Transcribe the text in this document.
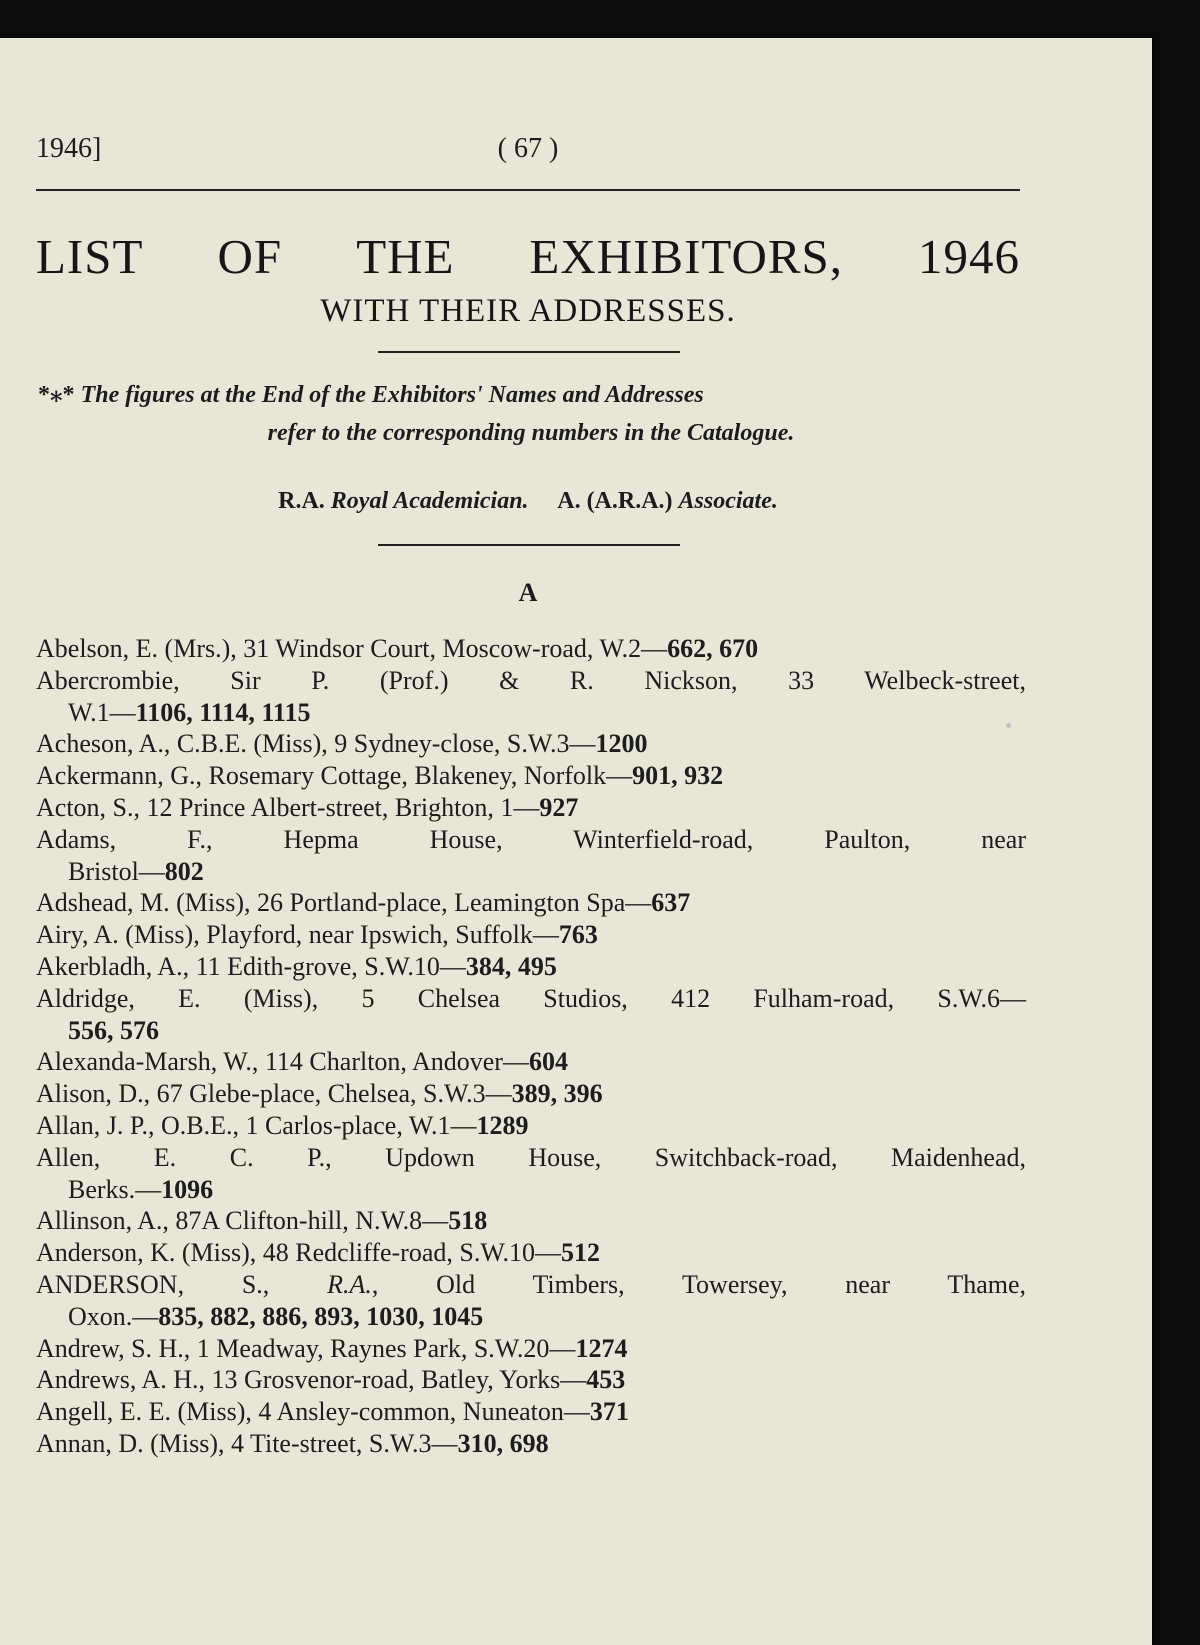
1946]	( 67 )
LIST OF THE EXHIBITORS, 1946
WITH THEIR ADDRESSES.
*⁎* The figures at the End of the Exhibitors' Names and Addresses
refer to the corresponding numbers in the Catalogue.
R.A. Royal Academician. A. (A.R.A.) Associate.
A
Abelson, E. (Mrs.), 31 Windsor Court, Moscow-road, W.2—662, 670
Abercrombie, Sir P. (Prof.) & R. Nickson, 33 Welbeck-street,
W.1—1106, 1114, 1115
Acheson, A., C.B.E. (Miss), 9 Sydney-close, S.W.3—1200
Ackermann, G., Rosemary Cottage, Blakeney, Norfolk—901, 932
Acton, S., 12 Prince Albert-street, Brighton, 1—927
Adams, F., Hepma House, Winterfield-road, Paulton, near
Bristol—802
Adshead, M. (Miss), 26 Portland-place, Leamington Spa—637
Airy, A. (Miss), Playford, near Ipswich, Suffolk—763
Akerbladh, A., 11 Edith-grove, S.W.10—384, 495
Aldridge, E. (Miss), 5 Chelsea Studios, 412 Fulham-road, S.W.6—
556, 576
Alexanda-Marsh, W., 114 Charlton, Andover—604
Alison, D., 67 Glebe-place, Chelsea, S.W.3—389, 396
Allan, J. P., O.B.E., 1 Carlos-place, W.1—1289
Allen, E. C. P., Updown House, Switchback-road, Maidenhead,
Berks.—1096
Allinson, A., 87A Clifton-hill, N.W.8—518
Anderson, K. (Miss), 48 Redcliffe-road, S.W.10—512
ANDERSON, S., R.A., Old Timbers, Towersey, near Thame,
Oxon.—835, 882, 886, 893, 1030, 1045
Andrew, S. H., 1 Meadway, Raynes Park, S.W.20—1274
Andrews, A. H., 13 Grosvenor-road, Batley, Yorks—453
Angell, E. E. (Miss), 4 Ansley-common, Nuneaton—371
Annan, D. (Miss), 4 Tite-street, S.W.3—310, 698
